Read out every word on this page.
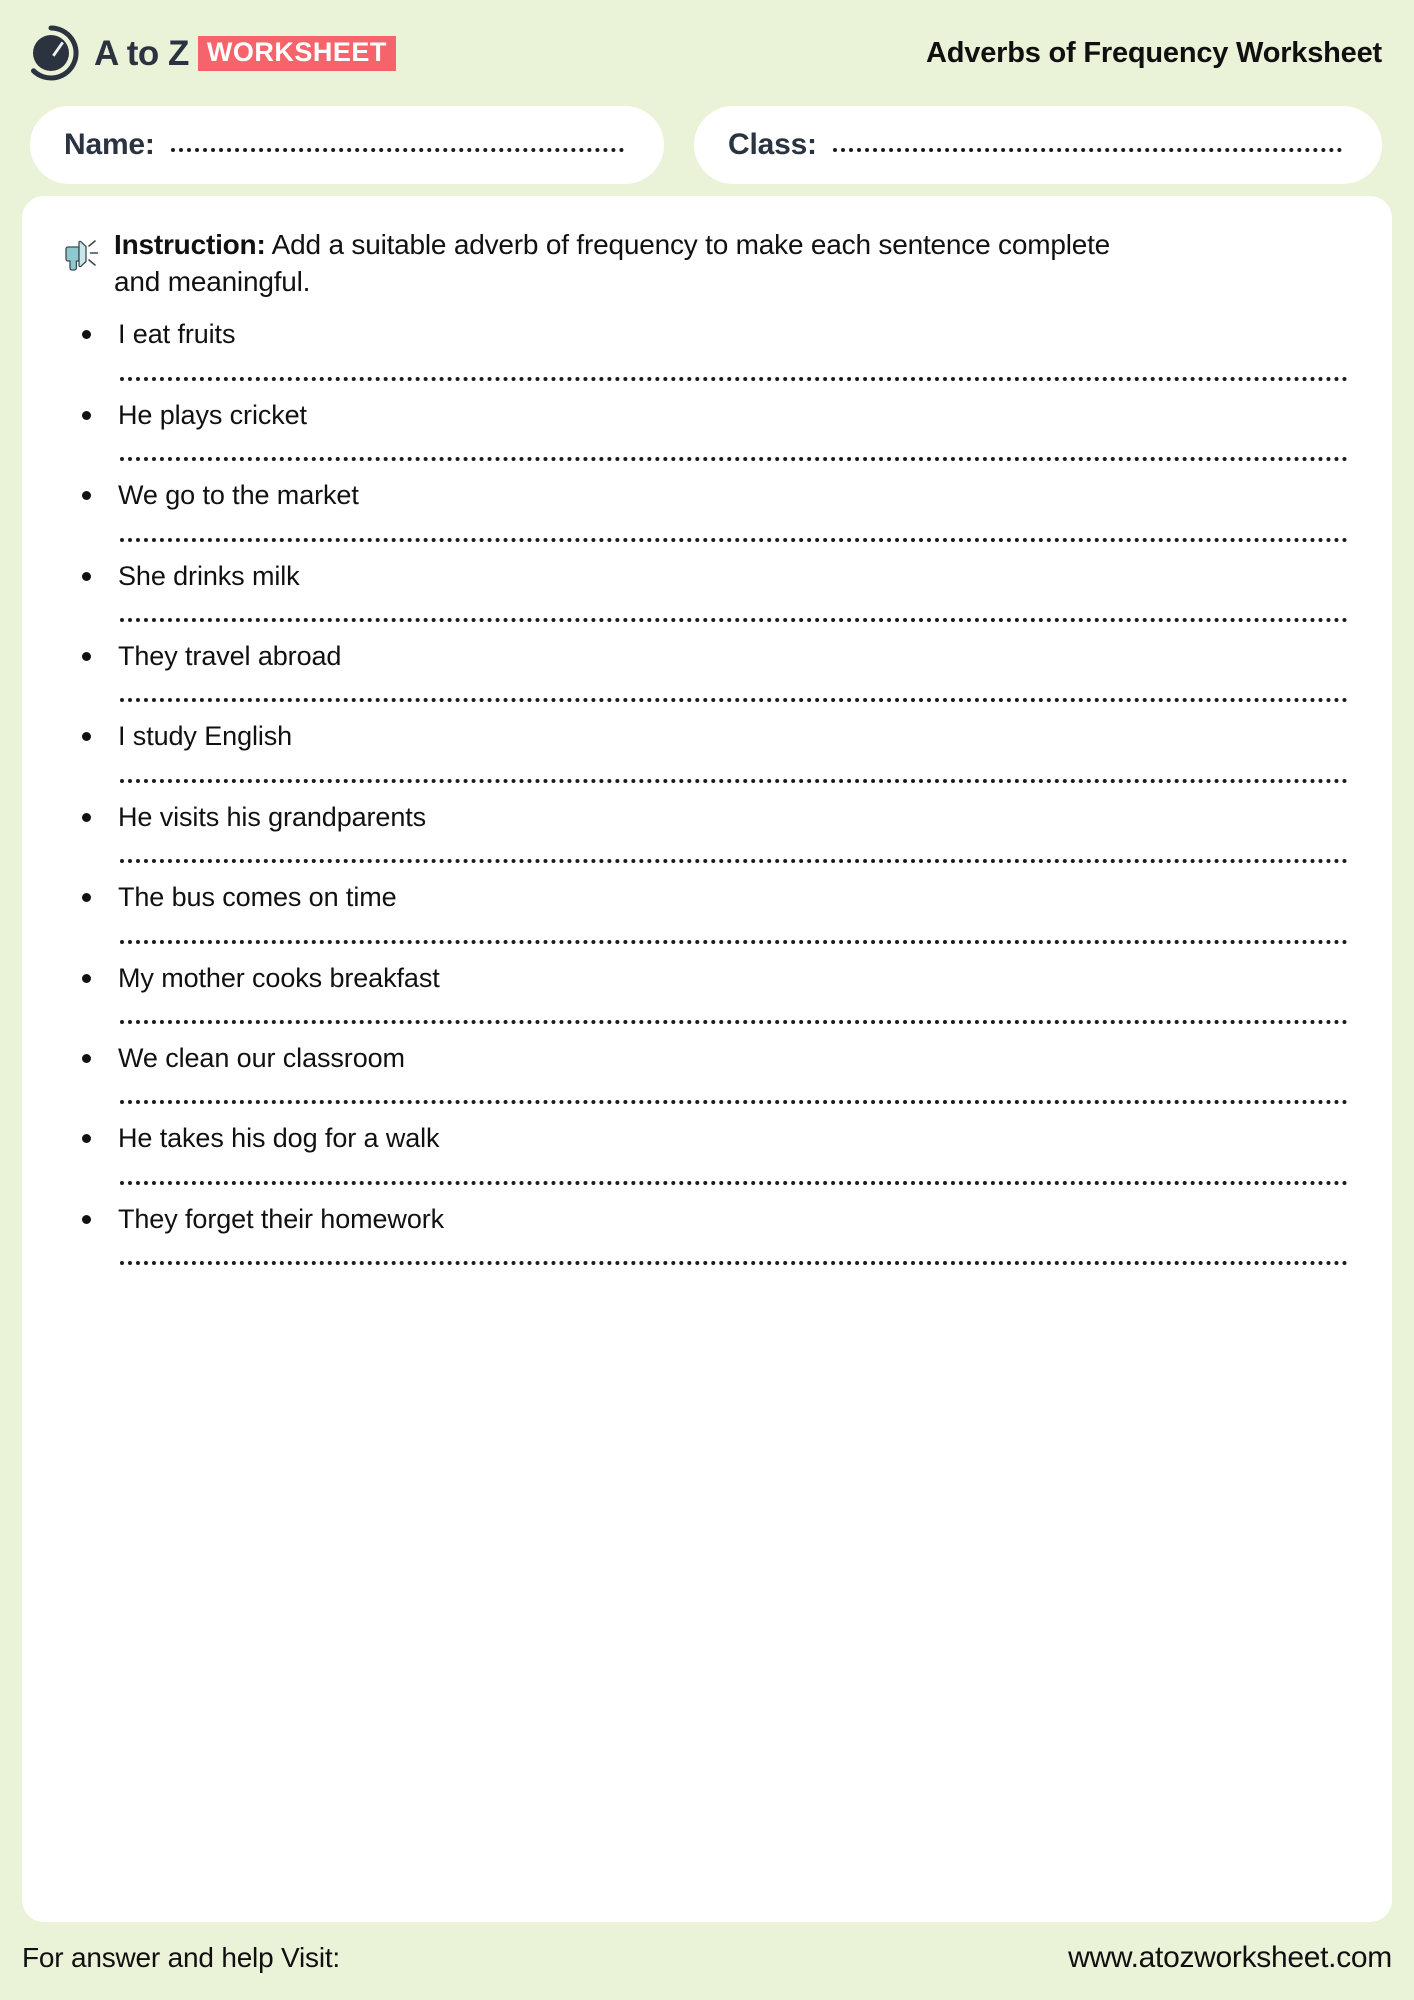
A to Z WORKSHEET	Adverbs of Frequency Worksheet
Name:	Class:
Instruction: Add a suitable adverb of frequency to make each sentence complete and meaningful.
I eat fruits
He plays cricket
We go to the market
She drinks milk
They travel abroad
I study English
He visits his grandparents
The bus comes on time
My mother cooks breakfast
We clean our classroom
He takes his dog for a walk
They forget their homework
For answer and help Visit:	www.atozworksheet.com
